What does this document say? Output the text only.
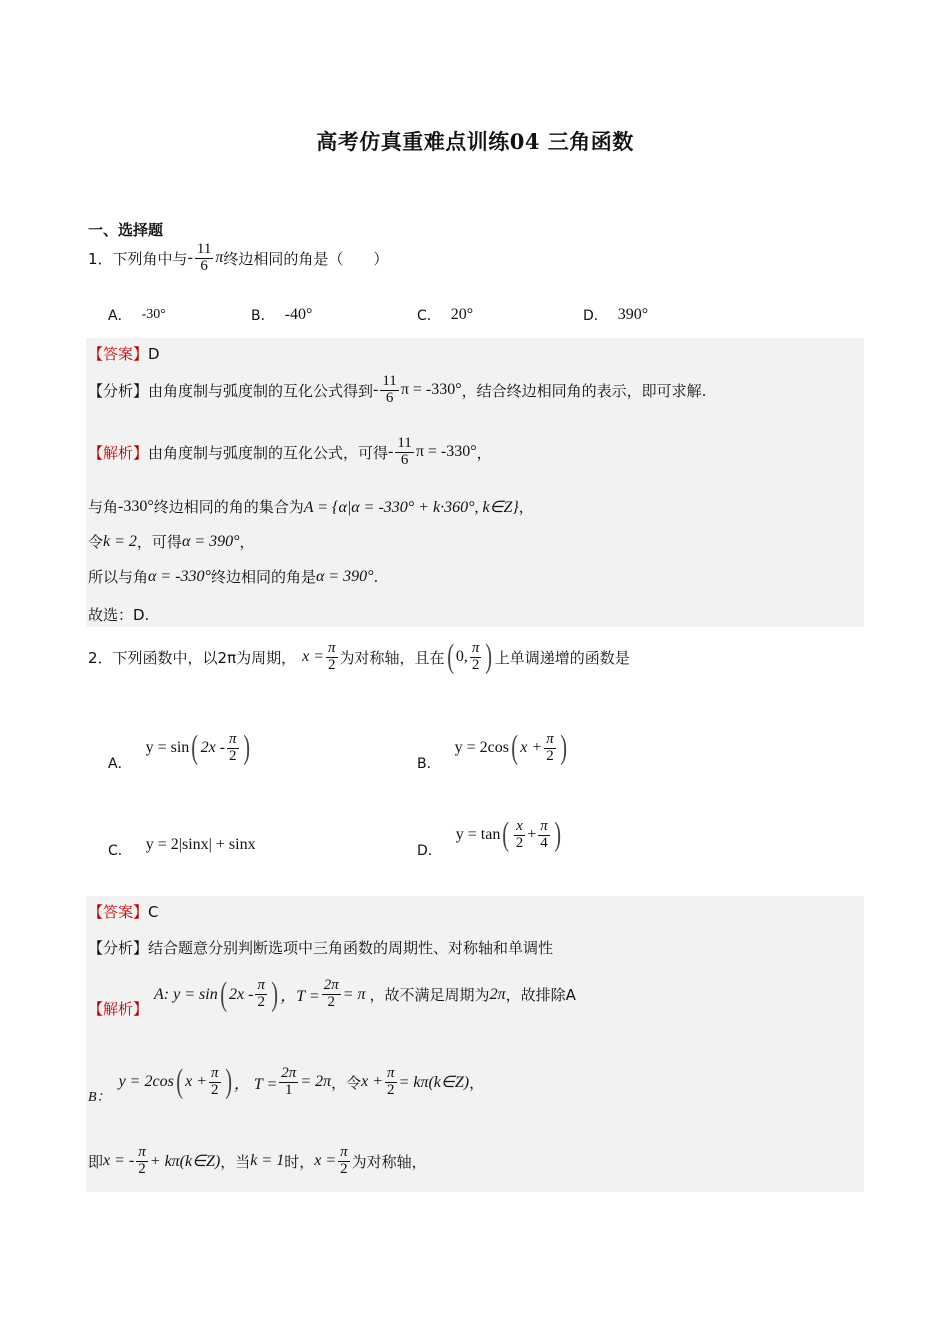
高考仿真重难点训练04 三角函数
一、选择题
1． 下列角中与 - $\frac{11}{6}$ π 终边相同的角是（　　）
A． -30°	B． -40°	C． 20°	D． 390°
【答案】 D
【分析】 由角度制与弧度制的互化公式得到 - $\frac{11}{6}$ π = -330° ，结合终边相同角的表示，即可求解.
【解析】 由角度制与弧度制的互化公式，可得 - $\frac{11}{6}$ π = -330° ，
与角 -330° 终边相同的角的集合为 A = {α|α = -330° + k·360°, k∈Z} ，
令 k = 2 ，可得 α = 390° ，
所以与角 α = -330° 终边相同的角是 α = 390° .
故选：D.
2． 下列函数中，以2π为周期， $x = \frac{\pi}{2}$ 为对称轴，且在 ( 0, $\frac{\pi}{2}$ ) 上单调递增的函数是
A．
y = sin ( $2x - \frac{\pi}{2}$ )	B．
y = 2cos ( $x + \frac{\pi}{2}$ )
C． y = 2|sinx| + sinx	D．
y = tan ( $\frac{x}{2} + \frac{\pi}{4}$ )
【答案】 C
【分析】 结合题意分别判断选项中三角函数的周期性、对称轴和单调性
【解析】
A: y = sin ( $2x - \frac{\pi}{2}$ ) ，$T = \frac{2\pi}{2} = \pi$ ，故不满足周期为 2π ，故排除A
B：
y = 2cos ( $x + \frac{\pi}{2}$ ) ， $T = \frac{2\pi}{1} = 2\pi$ ，令 $x + \frac{\pi}{2}$ = kπ(k∈Z) ，
即 x = - $\frac{\pi}{2}$ + kπ(k∈Z) ，当 k = 1 时， $x = \frac{\pi}{2}$ 为对称轴，
